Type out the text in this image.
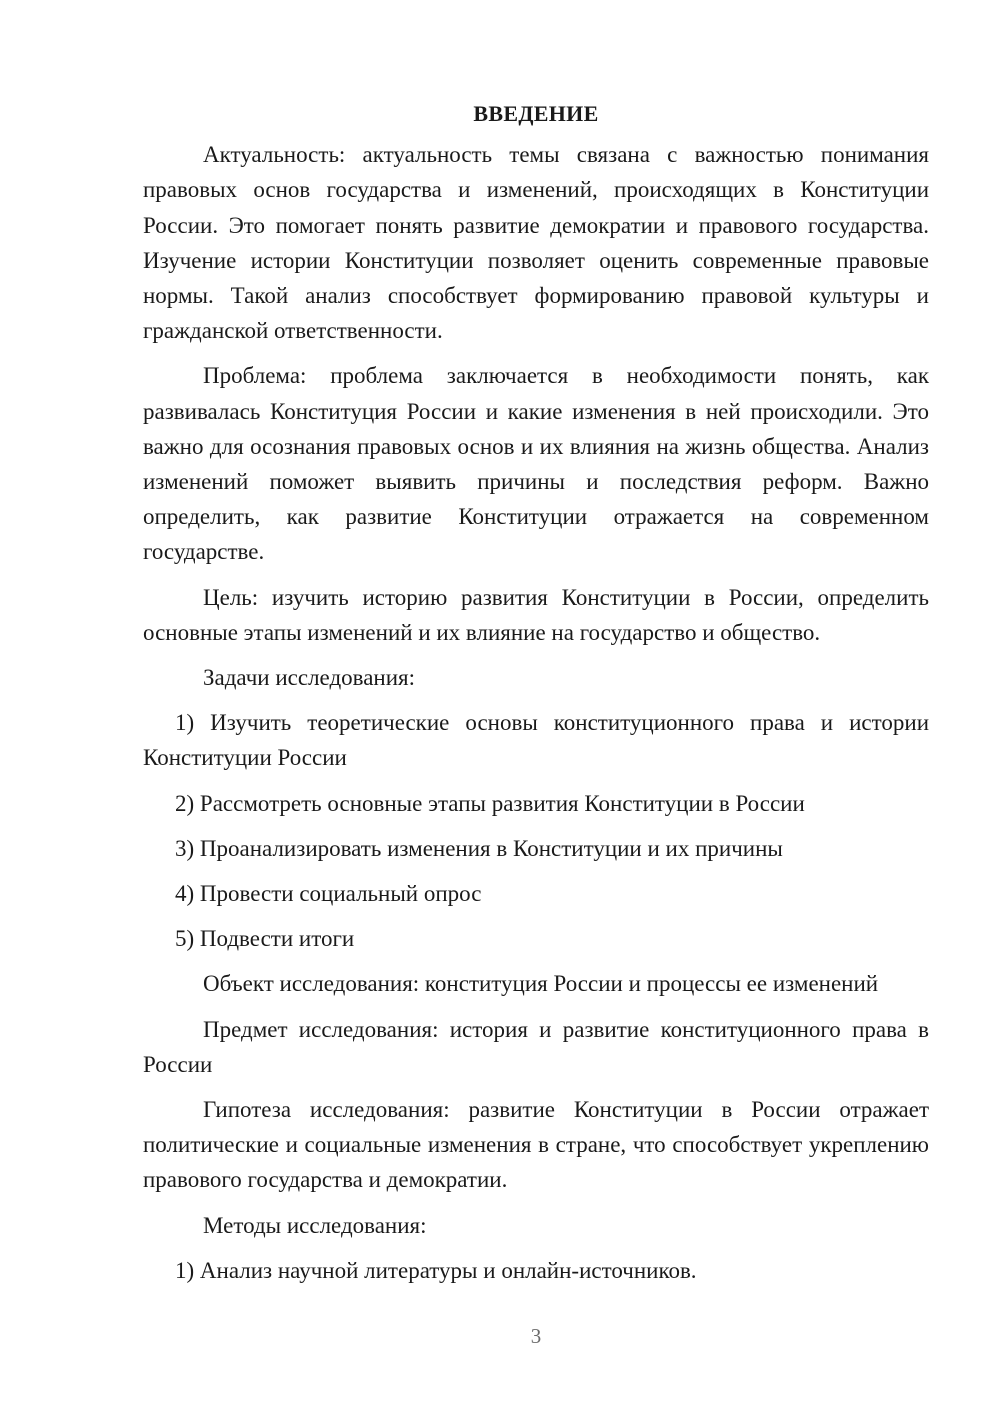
ВВЕДЕНИЕ

Актуальность: актуальность темы связана с важностью понимания правовых основ государства и изменений, происходящих в Конституции России. Это помогает понять развитие демократии и правового государства. Изучение истории Конституции позволяет оценить современные правовые нормы. Такой анализ способствует формированию правовой культуры и гражданской ответственности.

Проблема: проблема заключается в необходимости понять, как развивалась Конституция России и какие изменения в ней происходили. Это важно для осознания правовых основ и их влияния на жизнь общества. Анализ изменений поможет выявить причины и последствия реформ. Важно определить, как развитие Конституции отражается на современном государстве.

Цель: изучить историю развития Конституции в России, определить основные этапы изменений и их влияние на государство и общество.

Задачи исследования:

1) Изучить теоретические основы конституционного права и истории Конституции России

2) Рассмотреть основные этапы развития Конституции в России

3) Проанализировать изменения в Конституции и их причины

4) Провести социальный опрос

5) Подвести итоги

Объект исследования: конституция России и процессы ее изменений

Предмет исследования: история и развитие конституционного права в России

Гипотеза исследования: развитие Конституции в России отражает политические и социальные изменения в стране, что способствует укреплению правового государства и демократии.

Методы исследования:

1) Анализ научной литературы и онлайн-источников.

3
